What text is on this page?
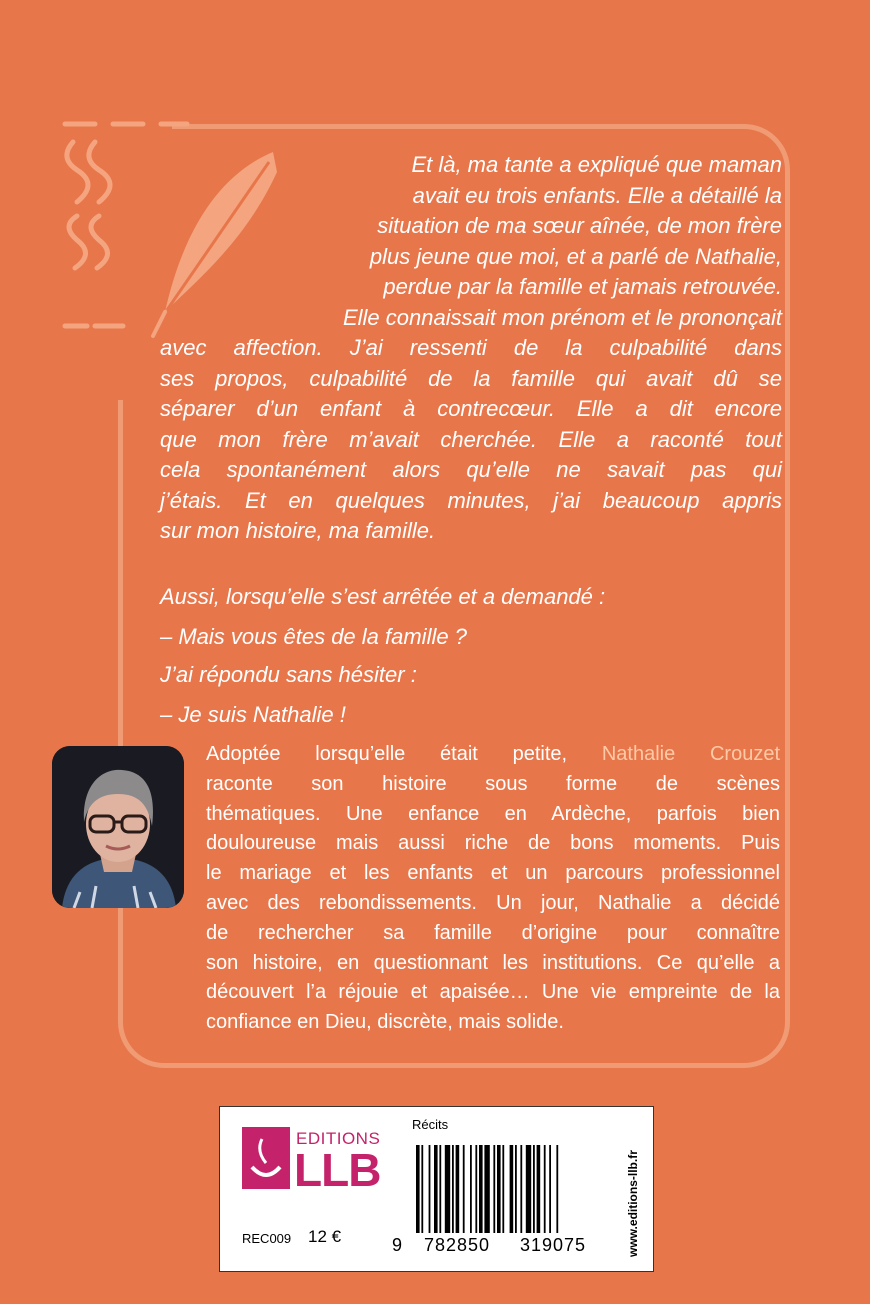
Et là, ma tante a expliqué que maman
avait eu trois enfants. Elle a détaillé la
situation de ma sœur aînée, de mon frère
plus jeune que moi, et a parlé de Nathalie,
perdue par la famille et jamais retrouvée.
Elle connaissait mon prénom et le prononçait
avec affection. J’ai ressenti de la culpabilité dans
ses propos, culpabilité de la famille qui avait dû se
séparer d’un enfant à contrecœur. Elle a dit encore
que mon frère m’avait cherchée. Elle a raconté tout
cela spontanément alors qu’elle ne savait pas qui
j’étais. Et en quelques minutes, j’ai beaucoup appris
sur mon histoire, ma famille.

Aussi, lorsqu’elle s’est arrêtée et a demandé :

– Mais vous êtes de la famille ?

J’ai répondu sans hésiter :

– Je suis Nathalie !

Adoptée lorsqu’elle était petite, Nathalie Crouzet
raconte son histoire sous forme de scènes
thématiques. Une enfance en Ardèche, parfois bien
douloureuse mais aussi riche de bons moments. Puis
le mariage et les enfants et un parcours professionnel
avec des rebondissements. Un jour, Nathalie a décidé
de rechercher sa famille d’origine pour connaître
son histoire, en questionnant les institutions. Ce qu’elle a
découvert l’a réjouie et apaisée… Une vie empreinte de la
confiance en Dieu, discrète, mais solide.
EDITIONS
LLB
REC009 12 €
Récits
9 782850 319075	www.editions-llb.fr
